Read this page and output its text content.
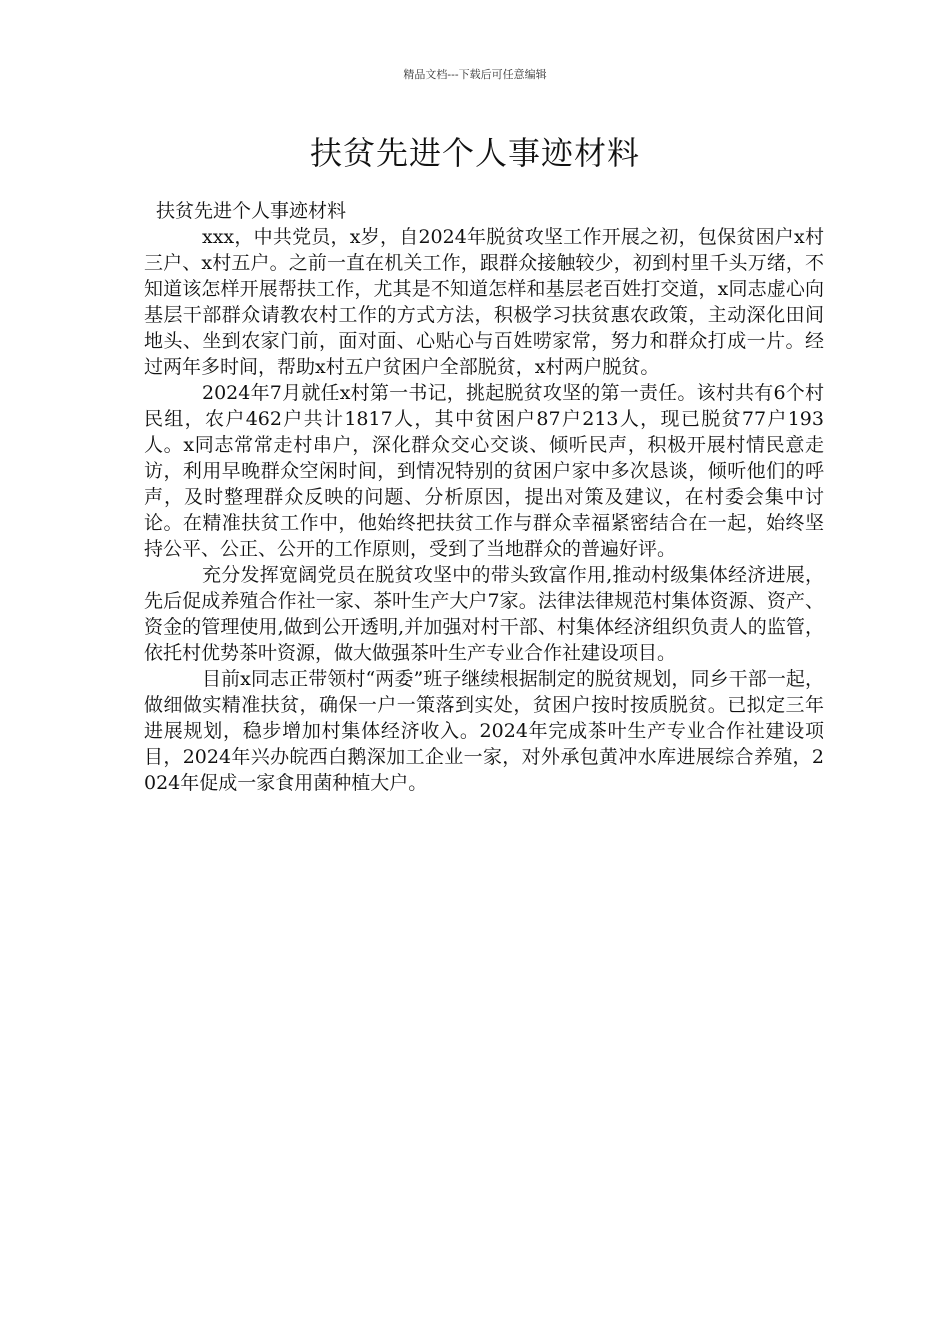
精品文档---下载后可任意编辑
扶贫先进个人事迹材料

扶贫先进个人事迹材料

xxx，中共党员，x岁，自2024年脱贫攻坚工作开展之初，包保贫困户x村三户、x村五户。之前一直在机关工作，跟群众接触较少，初到村里千头万绪，不知道该怎样开展帮扶工作，尤其是不知道怎样和基层老百姓打交道，x同志虚心向基层干部群众请教农村工作的方式方法，积极学习扶贫惠农政策，主动深化田间地头、坐到农家门前，面对面、心贴心与百姓唠家常，努力和群众打成一片。经过两年多时间，帮助x村五户贫困户全部脱贫，x村两户脱贫。

2024年7月就任x村第一书记，挑起脱贫攻坚的第一责任。该村共有6个村民组，农户462户共计1817人，其中贫困户87户213人，现已脱贫77户193人。x同志常常走村串户，深化群众交心交谈、倾听民声，积极开展村情民意走访，利用早晚群众空闲时间，到情况特别的贫困户家中多次恳谈，倾听他们的呼声，及时整理群众反映的问题、分析原因，提出对策及建议，在村委会集中讨论。在精准扶贫工作中，他始终把扶贫工作与群众幸福紧密结合在一起，始终坚持公平、公正、公开的工作原则，受到了当地群众的普遍好评。

充分发挥宽阔党员在脱贫攻坚中的带头致富作用,推动村级集体经济进展，先后促成养殖合作社一家、茶叶生产大户7家。法律法律规范村集体资源、资产、资金的管理使用,做到公开透明,并加强对村干部、村集体经济组织负责人的监管，依托村优势茶叶资源，做大做强茶叶生产专业合作社建设项目。

目前x同志正带领村“两委”班子继续根据制定的脱贫规划，同乡干部一起，做细做实精准扶贫，确保一户一策落到实处，贫困户按时按质脱贫。已拟定三年进展规划，稳步增加村集体经济收入。2024年完成茶叶生产专业合作社建设项目，2024年兴办皖西白鹅深加工企业一家，对外承包黄冲水库进展综合养殖，2024年促成一家食用菌种植大户。
